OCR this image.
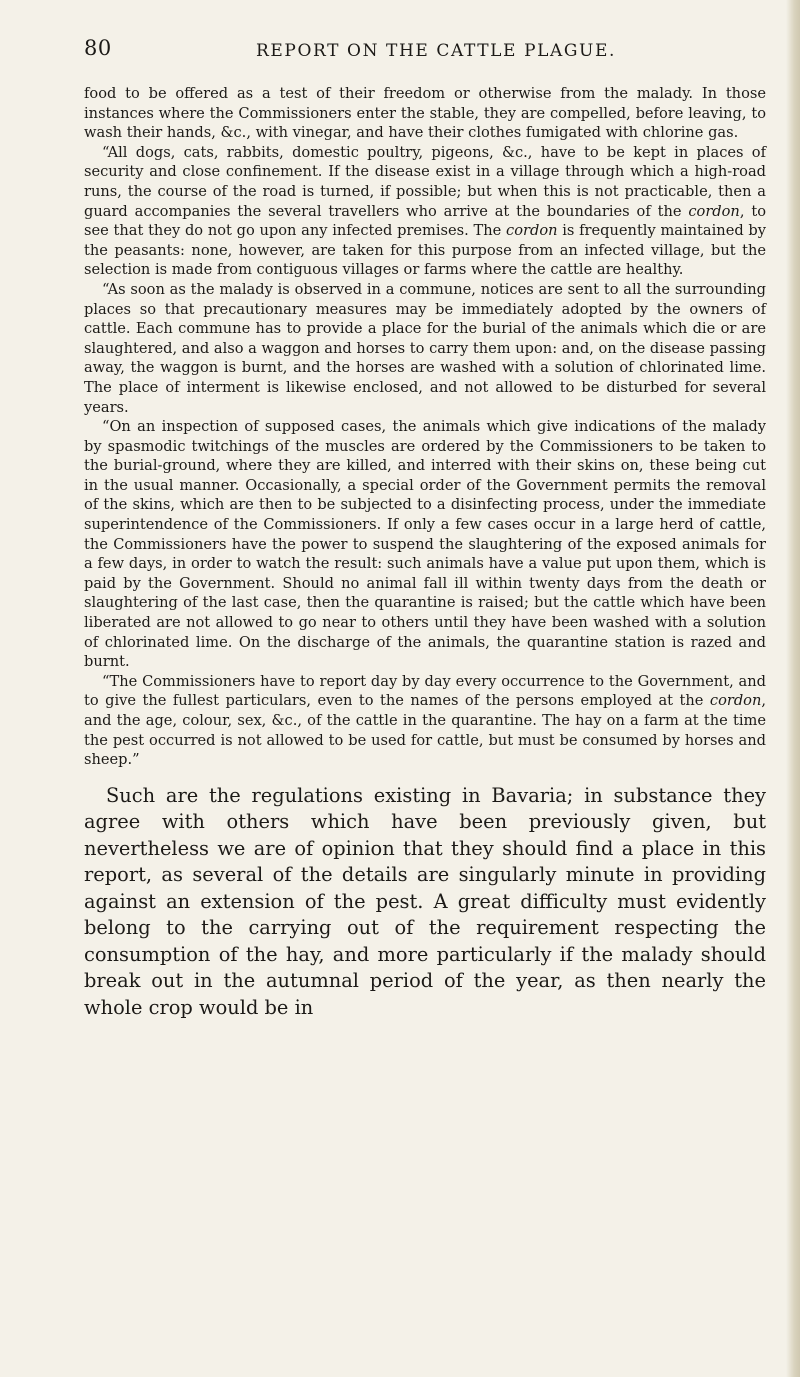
80	REPORT ON THE CATTLE PLAGUE.

food to be offered as a test of their freedom or otherwise from the malady. In those instances where the Commissioners enter the stable, they are compelled, before leaving, to wash their hands, &c., with vinegar, and have their clothes fumigated with chlorine gas.

“All dogs, cats, rabbits, domestic poultry, pigeons, &c., have to be kept in places of security and close confinement. If the disease exist in a village through which a high-road runs, the course of the road is turned, if possible; but when this is not practicable, then a guard accompanies the several travellers who arrive at the boundaries of the cordon, to see that they do not go upon any infected premises. The cordon is frequently maintained by the peasants: none, however, are taken for this purpose from an infected village, but the selection is made from contiguous villages or farms where the cattle are healthy.

“As soon as the malady is observed in a commune, notices are sent to all the surrounding places so that precautionary measures may be immediately adopted by the owners of cattle. Each commune has to provide a place for the burial of the animals which die or are slaughtered, and also a waggon and horses to carry them upon: and, on the disease passing away, the waggon is burnt, and the horses are washed with a solution of chlorinated lime. The place of interment is likewise enclosed, and not allowed to be disturbed for several years.

“On an inspection of supposed cases, the animals which give indications of the malady by spasmodic twitchings of the muscles are ordered by the Commissioners to be taken to the burial-ground, where they are killed, and interred with their skins on, these being cut in the usual manner. Occasionally, a special order of the Government permits the removal of the skins, which are then to be subjected to a disinfecting process, under the immediate superintendence of the Commissioners. If only a few cases occur in a large herd of cattle, the Commissioners have the power to suspend the slaughtering of the exposed animals for a few days, in order to watch the result: such animals have a value put upon them, which is paid by the Government. Should no animal fall ill within twenty days from the death or slaughtering of the last case, then the quarantine is raised; but the cattle which have been liberated are not allowed to go near to others until they have been washed with a solution of chlorinated lime. On the discharge of the animals, the quarantine station is razed and burnt.

“The Commissioners have to report day by day every occurrence to the Government, and to give the fullest particulars, even to the names of the persons employed at the cordon, and the age, colour, sex, &c., of the cattle in the quarantine. The hay on a farm at the time the pest occurred is not allowed to be used for cattle, but must be consumed by horses and sheep.”

Such are the regulations existing in Bavaria; in substance they agree with others which have been previously given, but nevertheless we are of opinion that they should find a place in this report, as several of the details are singularly minute in providing against an extension of the pest. A great difficulty must evidently belong to the carrying out of the requirement respecting the consumption of the hay, and more particularly if the malady should break out in the autumnal period of the year, as then nearly the whole crop would be in
